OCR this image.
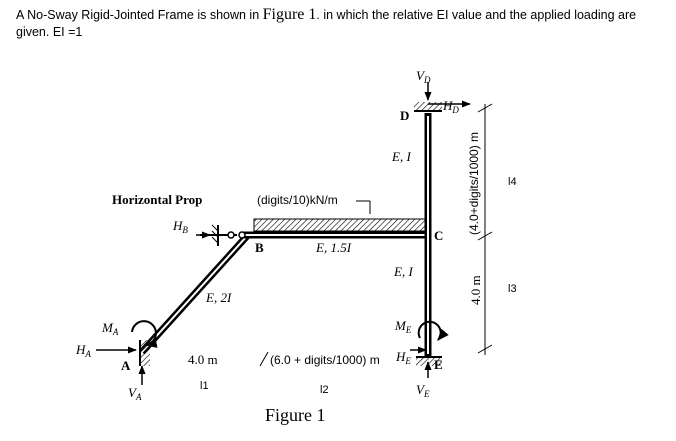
A No-Sway Rigid-Jointed Frame is shown in Figure 1. in which the relative EI value and the applied loading are given. EI =1
Horizontal Prop	(digits/10)kN/m
$H_B$
B	E, 1.5I
C
E, 2I
$V_D$
D
$H_D$
E, I
E, I
$M_E$
$H_E$ E
$V_E$
$M_A$
$H_A$
A
$V_A$
4.0 m	(6.0 + digits/1000) m
l1	l2
(4.0+digits/1000) m
4.0 m
l4
l3
Figure 1
